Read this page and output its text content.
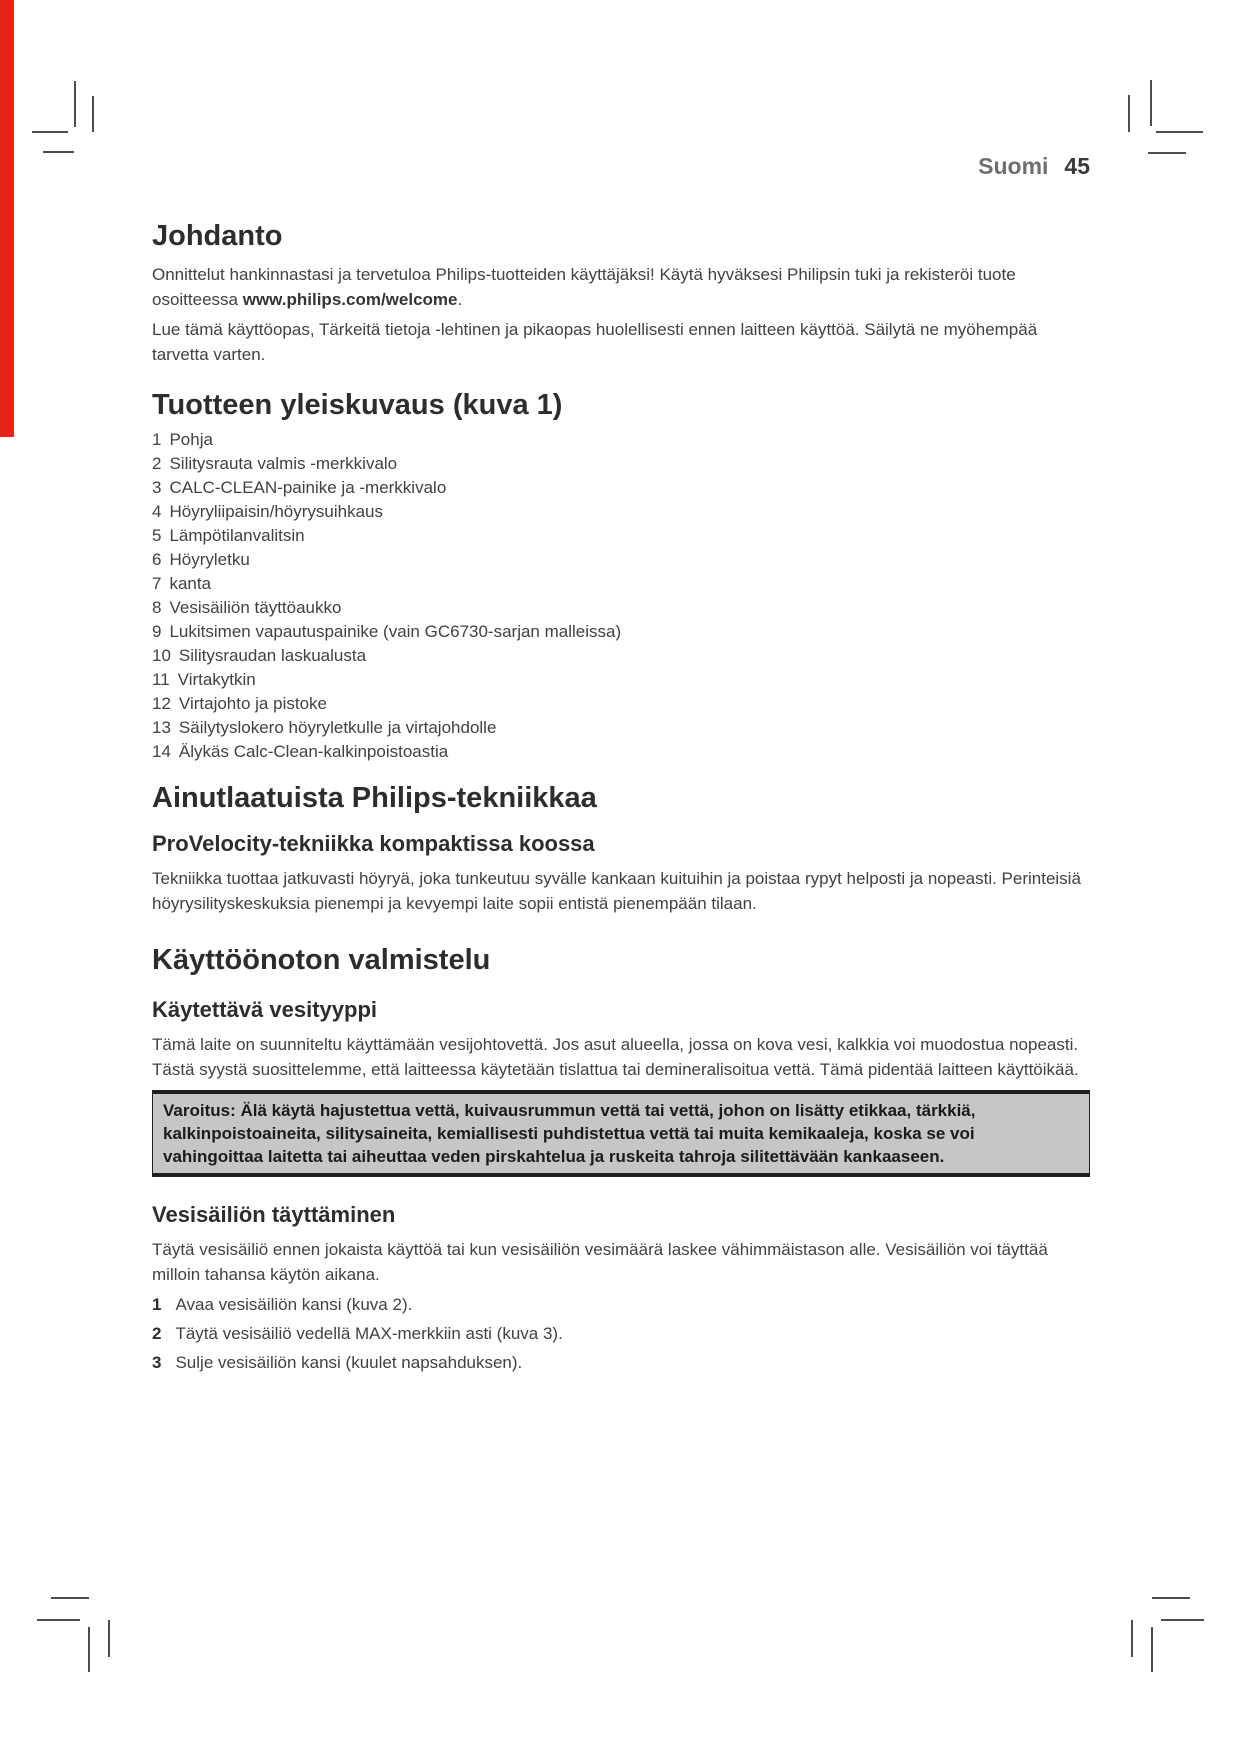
Suomi 45
Johdanto
Onnittelut hankinnastasi ja tervetuloa Philips-tuotteiden käyttäjäksi! Käytä hyväksesi Philipsin tuki ja rekisteröi tuote osoitteessa www.philips.com/welcome.
Lue tämä käyttöopas, Tärkeitä tietoja -lehtinen ja pikaopas huolellisesti ennen laitteen käyttöä. Säilytä ne myöhempää tarvetta varten.
Tuotteen yleiskuvaus (kuva 1)
1 Pohja
2 Silitysrauta valmis -merkkivalo
3 CALC-CLEAN-painike ja -merkkivalo
4 Höyryliipaisin/höyrysuihkaus
5 Lämpötilanvalitsin
6 Höyryletku
7 kanta
8 Vesisäiliön täyttöaukko
9 Lukitsimen vapautuspainike (vain GC6730-sarjan malleissa)
10 Silitysraudan laskualusta
11 Virtakytkin
12 Virtajohto ja pistoke
13 Säilytyslokero höyryletkulle ja virtajohdolle
14 Älykäs Calc-Clean-kalkinpoistoastia
Ainutlaatuista Philips-tekniikkaa
ProVelocity-tekniikka kompaktissa koossa
Tekniikka tuottaa jatkuvasti höyryä, joka tunkeutuu syvälle kankaan kuituihin ja poistaa rypyt helposti ja nopeasti. Perinteisiä höyrysilityskeskuksia pienempi ja kevyempi laite sopii entistä pienempään tilaan.
Käyttöönoton valmistelu
Käytettävä vesityyppi
Tämä laite on suunniteltu käyttämään vesijohtovettä. Jos asut alueella, jossa on kova vesi, kalkkia voi muodostua nopeasti. Tästä syystä suosittelemme, että laitteessa käytetään tislattua tai demineralisoitua vettä. Tämä pidentää laitteen käyttöikää.
Varoitus: Älä käytä hajustettua vettä, kuivausrummun vettä tai vettä, johon on lisätty etikkaa, tärkkiä, kalkinpoistoaineita, silitysaineita, kemiallisesti puhdistettua vettä tai muita kemikaaleja, koska se voi vahingoittaa laitetta tai aiheuttaa veden pirskahtelua ja ruskeita tahroja silitettävään kankaaseen.
Vesisäiliön täyttäminen
Täytä vesisäiliö ennen jokaista käyttöä tai kun vesisäiliön vesimäärä laskee vähimmäistason alle. Vesisäiliön voi täyttää milloin tahansa käytön aikana.
1 Avaa vesisäiliön kansi (kuva 2).
2 Täytä vesisäiliö vedellä MAX-merkkiin asti (kuva 3).
3 Sulje vesisäiliön kansi (kuulet napsahduksen).
